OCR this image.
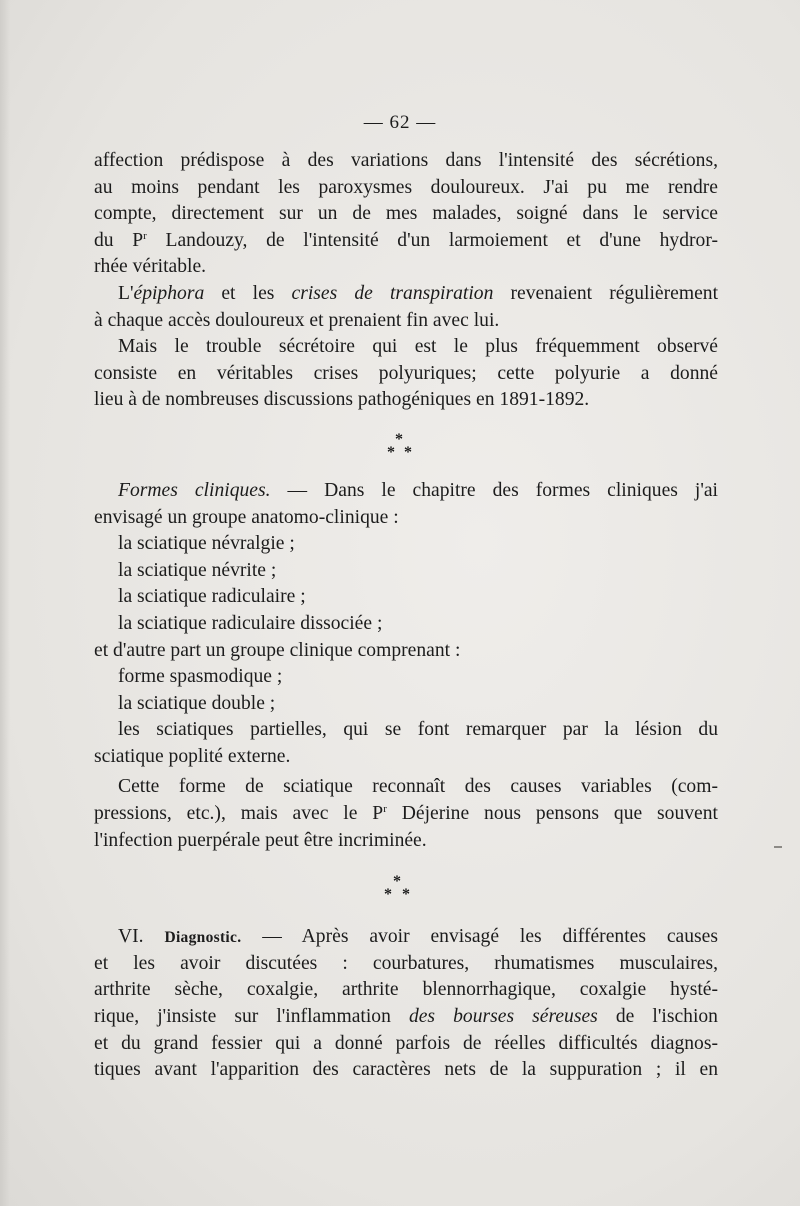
— 62 —
affection prédispose à des variations dans l'intensité des sécrétions,
au moins pendant les paroxysmes douloureux. J'ai pu me rendre
compte, directement sur un de mes malades, soigné dans le service
du $P^r$ Landouzy, de l'intensité d'un larmoiement et d'une hydror-
rhée véritable.
L'épiphora et les crises de transpiration revenaient régulièrement
à chaque accès douloureux et prenaient fin avec lui.
Mais le trouble sécrétoire qui est le plus fréquemment observé
consiste en véritables crises polyuriques; cette polyurie a donné
lieu à de nombreuses discussions pathogéniques en 1891-1892.
*
* *
Formes cliniques. — Dans le chapitre des formes cliniques j'ai
envisagé un groupe anatomo-clinique :
la sciatique névralgie ;
la sciatique névrite ;
la sciatique radiculaire ;
la sciatique radiculaire dissociée ;
et d'autre part un groupe clinique comprenant :
forme spasmodique ;
la sciatique double ;
les sciatiques partielles, qui se font remarquer par la lésion du
sciatique poplité externe.
Cette forme de sciatique reconnaît des causes variables (com-
pressions, etc.), mais avec le $P^r$ Déjerine nous pensons que souvent
l'infection puerpérale peut être incriminée.
*
* *
VI. Diagnostic. — Après avoir envisagé les différentes causes
et les avoir discutées : courbatures, rhumatismes musculaires,
arthrite sèche, coxalgie, arthrite blennorrhagique, coxalgie hysté-
rique, j'insiste sur l'inflammation des bourses séreuses de l'ischion
et du grand fessier qui a donné parfois de réelles difficultés diagnos-
tiques avant l'apparition des caractères nets de la suppuration ; il en
